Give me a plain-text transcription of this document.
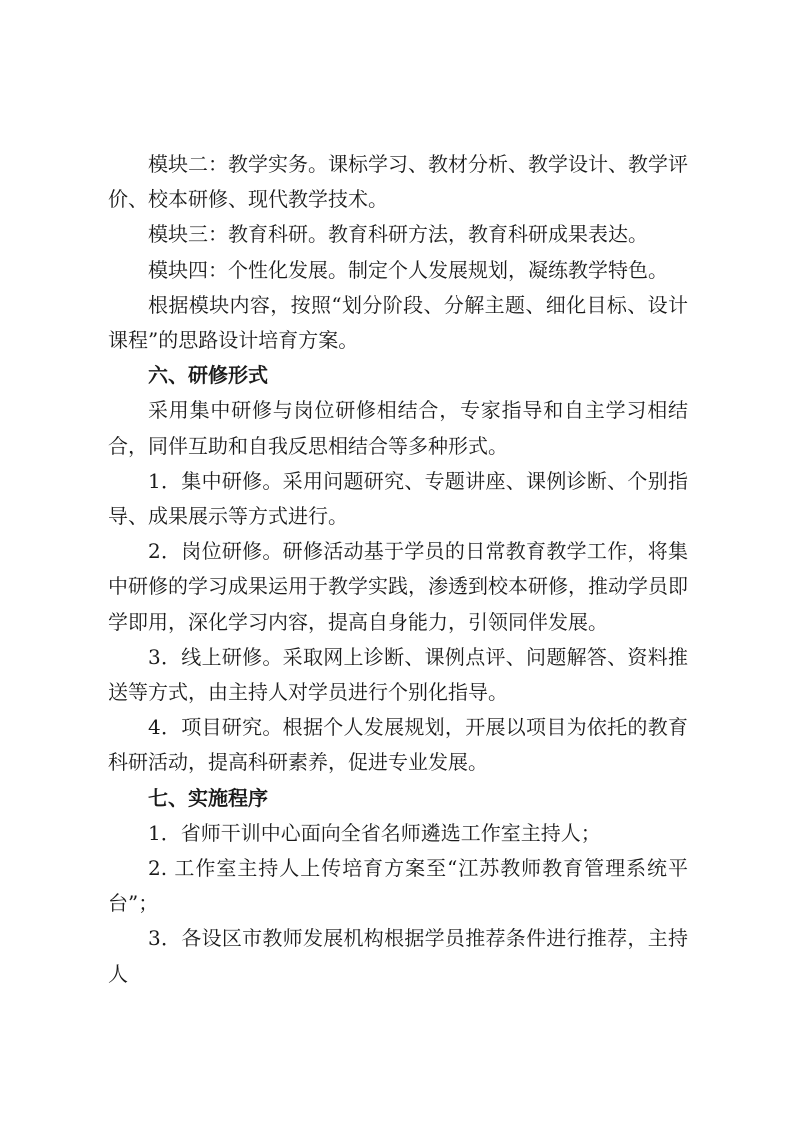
模块二：教学实务。课标学习、教材分析、教学设计、教学评价、校本研修、现代教学技术。

模块三：教育科研。教育科研方法，教育科研成果表达。

模块四：个性化发展。制定个人发展规划，凝练教学特色。

根据模块内容，按照“划分阶段、分解主题、细化目标、设计课程”的思路设计培育方案。

六、研修形式

采用集中研修与岗位研修相结合，专家指导和自主学习相结合，同伴互助和自我反思相结合等多种形式。

1．集中研修。采用问题研究、专题讲座、课例诊断、个别指导、成果展示等方式进行。

2．岗位研修。研修活动基于学员的日常教育教学工作，将集中研修的学习成果运用于教学实践，渗透到校本研修，推动学员即学即用，深化学习内容，提高自身能力，引领同伴发展。

3．线上研修。采取网上诊断、课例点评、问题解答、资料推送等方式，由主持人对学员进行个别化指导。

4．项目研究。根据个人发展规划，开展以项目为依托的教育科研活动，提高科研素养，促进专业发展。

七、实施程序

1．省师干训中心面向全省名师遴选工作室主持人；

2. 工作室主持人上传培育方案至“江苏教师教育管理系统平台”；

3．各设区市教师发展机构根据学员推荐条件进行推荐，主持人
